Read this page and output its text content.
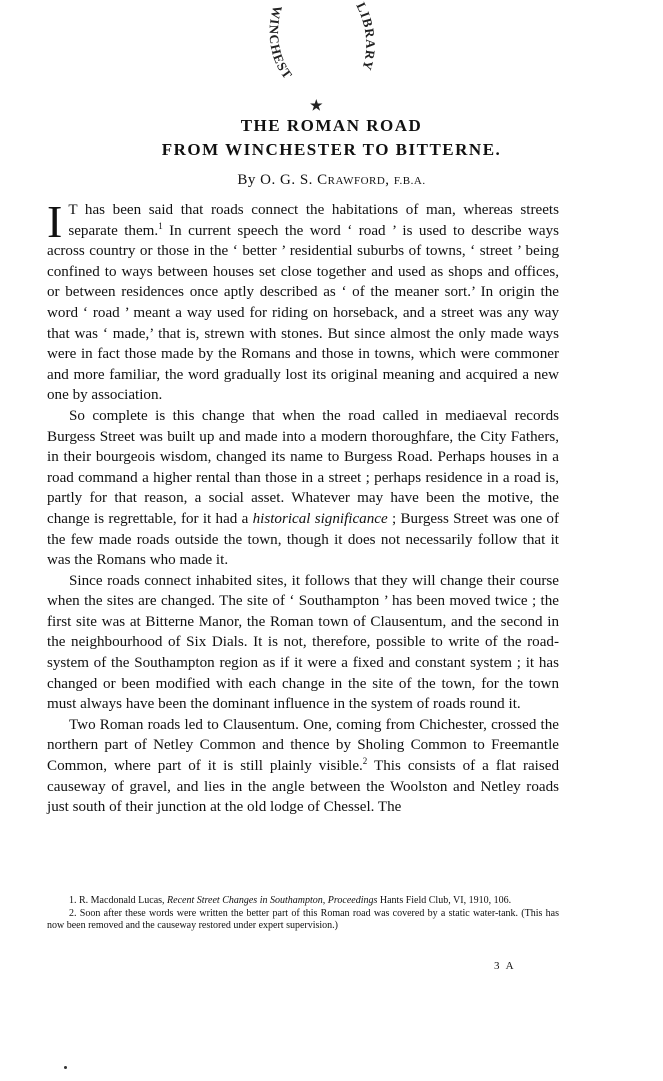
WINCHEST
LIBRARY
★
THE ROMAN ROAD
FROM WINCHESTER TO BITTERNE.
By O. G. S. Crawford, F.B.A.

I T has been said that roads connect the habitations of man, whereas streets separate them.$^1$ In current speech the word ‘ road ’ is used to describe ways across country or those in the ‘ better ’ residential suburbs of towns, ‘ street ’ being confined to ways between houses set close together and used as shops and offices, or between residences once aptly described as ‘ of the meaner sort.’ In origin the word ‘ road ’ meant a way used for riding on horseback, and a street was any way that was ‘ made,’ that is, strewn with stones. But since almost the only made ways were in fact those made by the Romans and those in towns, which were commoner and more familiar, the word gradually lost its original meaning and acquired a new one by association.

So complete is this change that when the road called in mediaeval records Burgess Street was built up and made into a modern thoroughfare, the City Fathers, in their bourgeois wisdom, changed its name to Burgess Road. Perhaps houses in a road command a higher rental than those in a street ; perhaps residence in a road is, partly for that reason, a social asset. Whatever may have been the motive, the change is regrettable, for it had a historical significance ; Burgess Street was one of the few made roads outside the town, though it does not necessarily follow that it was the Romans who made it.

Since roads connect inhabited sites, it follows that they will change their course when the sites are changed. The site of ‘ Southampton ’ has been moved twice ; the first site was at Bitterne Manor, the Roman town of Clausentum, and the second in the neighbourhood of Six Dials. It is not, therefore, possible to write of the road-system of the Southampton region as if it were a fixed and constant system ; it has changed or been modified with each change in the site of the town, for the town must always have been the dominant influence in the system of roads round it.

Two Roman roads led to Clausentum. One, coming from Chichester, crossed the northern part of Netley Common and thence by Sholing Common to Freemantle Common, where part of it is still plainly visible.$^2$ This consists of a flat raised causeway of gravel, and lies in the angle between the Woolston and Netley roads just south of their junction at the old lodge of Chessel. The

1. R. Macdonald Lucas, Recent Street Changes in Southampton, Proceedings Hants Field Club, VI, 1910, 106.
2. Soon after these words were written the better part of this Roman road was covered by a static water-tank. (This has now been removed and the causeway restored under expert supervision.)
3 A
